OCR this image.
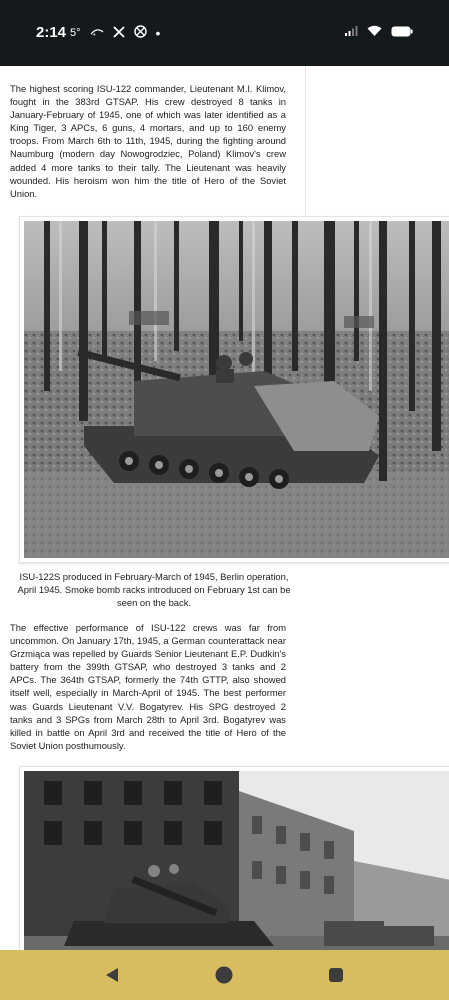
2:14 5° +	•

The highest scoring ISU-122 commander, Lieutenant M.I. Klimov, fought in the 383rd GTSAP. His crew destroyed 8 tanks in January-February of 1945, one of which was later identified as a King Tiger, 3 APCs, 6 guns, 4 mortars, and up to 160 enemy troops. From March 6th to 11th, 1945, during the fighting around Naumburg (modern day Nowogrodziec, Poland) Klimov's crew added 4 more tanks to their tally. The Lieutenant was heavily wounded. His heroism won him the title of Hero of the Soviet Union.

ISU-122S produced in February-March of 1945, Berlin operation, April 1945. Smoke bomb racks introduced on February 1st can be seen on the back.

The effective performance of ISU-122 crews was far from uncommon. On January 17th, 1945, a German counterattack near Grzmiąca was repelled by Guards Senior Lieutenant E.P. Dudkin's battery from the 399th GTSAP, who destroyed 3 tanks and 2 APCs. The 364th GTSAP, formerly the 74th GTTP, also showed itself well, especially in March-April of 1945. The best performer was Guards Lieutenant V.V. Bogatyrev. His SPG destroyed 2 tanks and 3 SPGs from March 28th to April 3rd. Bogatyrev was killed in battle on April 3rd and received the title of Hero of the Soviet Union posthumously.
